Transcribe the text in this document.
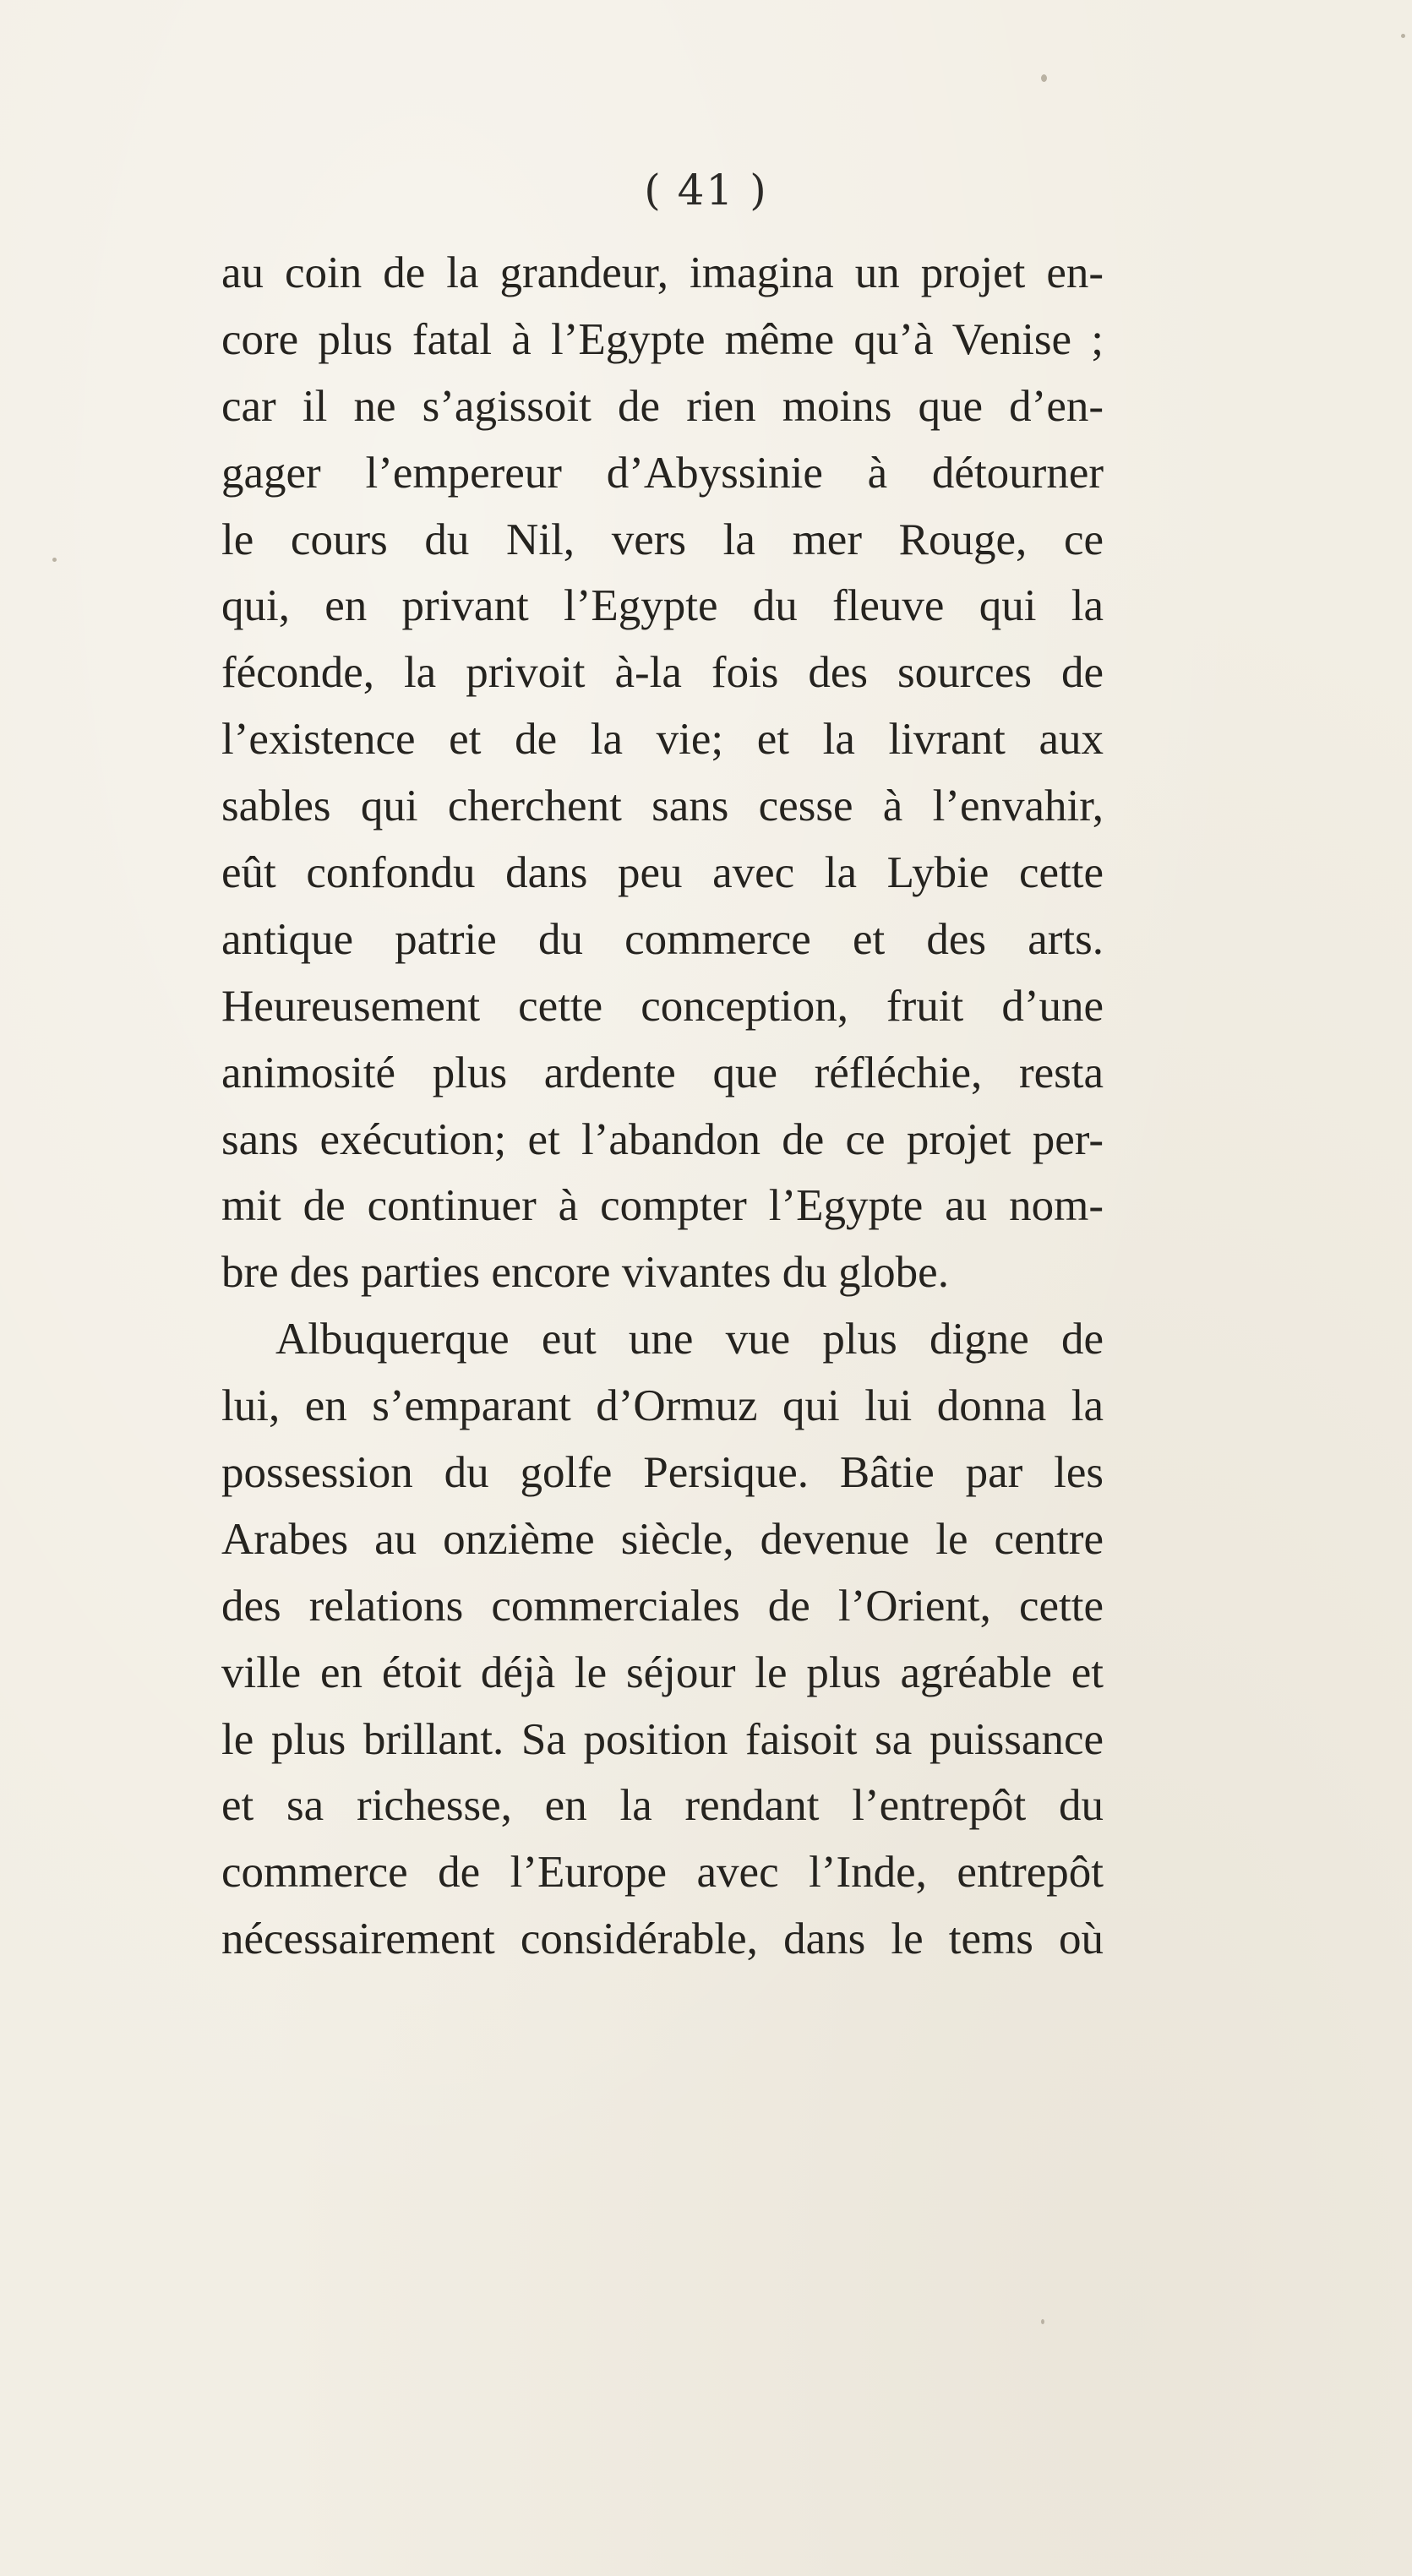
( 41 )
au coin de la grandeur, imagina un projet en-
core plus fatal à l’Egypte même qu’à Venise ;
car il ne s’agissoit de rien moins que d’en-
gager l’empereur d’Abyssinie à détourner
le cours du Nil, vers la mer Rouge, ce
qui, en privant l’Egypte du fleuve qui la
féconde, la privoit à-la fois des sources de
l’existence et de la vie; et la livrant aux
sables qui cherchent sans cesse à l’envahir,
eût confondu dans peu avec la Lybie cette
antique patrie du commerce et des arts.
Heureusement cette conception, fruit d’une
animosité plus ardente que réfléchie, resta
sans exécution; et l’abandon de ce projet per-
mit de continuer à compter l’Egypte au nom-
bre des parties encore vivantes du globe.
Albuquerque eut une vue plus digne de
lui, en s’emparant d’Ormuz qui lui donna la
possession du golfe Persique. Bâtie par les
Arabes au onzième siècle, devenue le centre
des relations commerciales de l’Orient, cette
ville en étoit déjà le séjour le plus agréable et
le plus brillant. Sa position faisoit sa puissance
et sa richesse, en la rendant l’entrepôt du
commerce de l’Europe avec l’Inde, entrepôt
nécessairement considérable, dans le tems où
